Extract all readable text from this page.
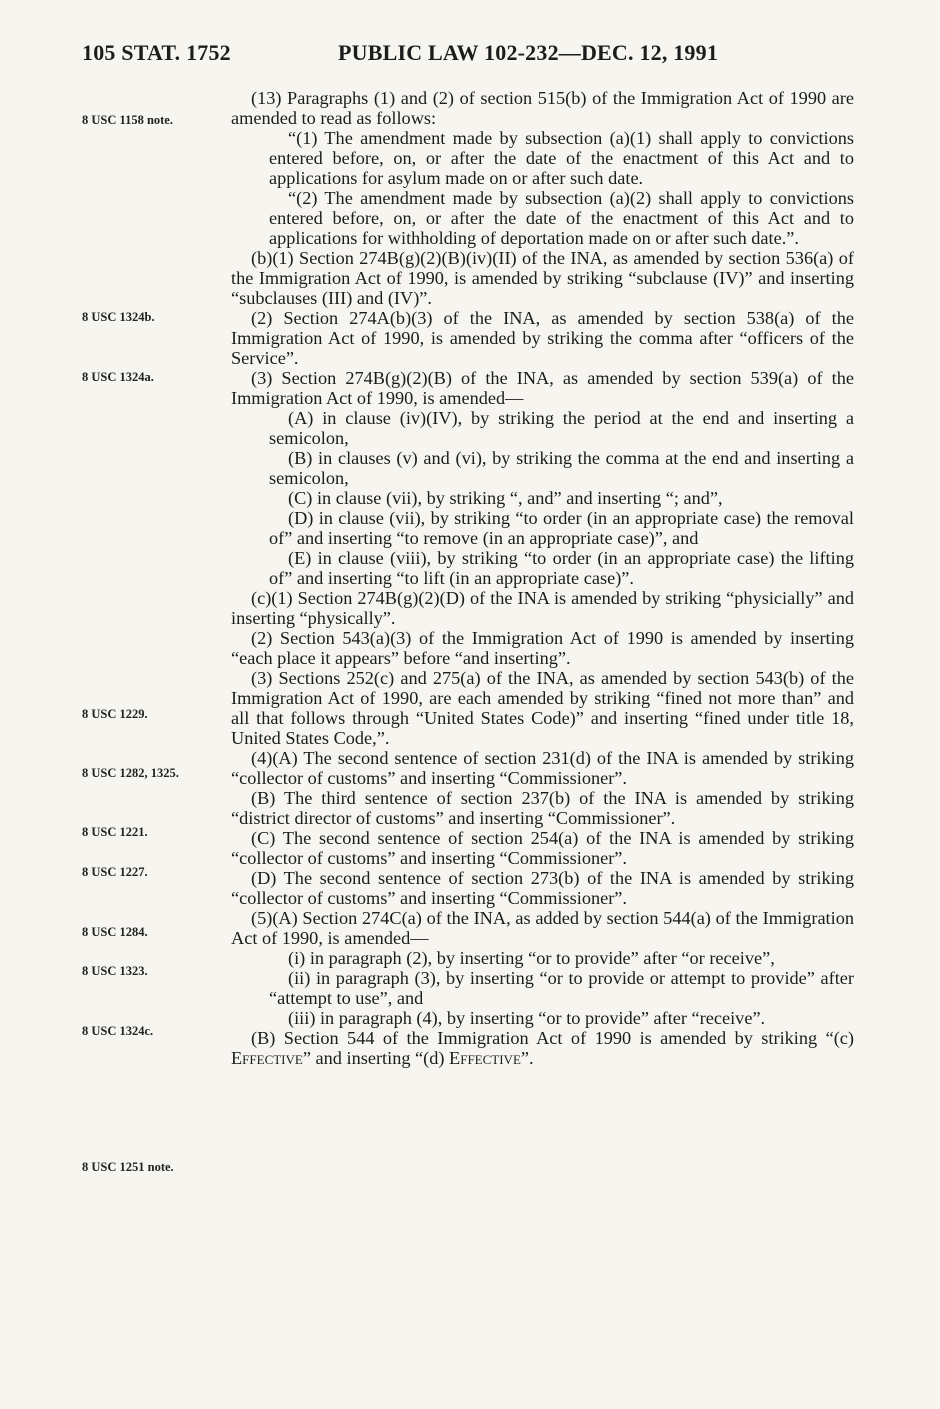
105 STAT. 1752	PUBLIC LAW 102-232—DEC. 12, 1991
8 USC 1158 note.
8 USC 1324b.
8 USC 1324a.
8 USC 1229.
8 USC 1282, 1325.
8 USC 1221.
8 USC 1227.
8 USC 1284.
8 USC 1323.
8 USC 1324c.
8 USC 1251 note.

(13) Paragraphs (1) and (2) of section 515(b) of the Immigration Act of 1990 are amended to read as follows:

“(1) The amendment made by subsection (a)(1) shall apply to convictions entered before, on, or after the date of the enactment of this Act and to applications for asylum made on or after such date.

“(2) The amendment made by subsection (a)(2) shall apply to convictions entered before, on, or after the date of the enactment of this Act and to applications for withholding of deportation made on or after such date.”.

(b)(1) Section 274B(g)(2)(B)(iv)(II) of the INA, as amended by section 536(a) of the Immigration Act of 1990, is amended by striking “subclause (IV)” and inserting “subclauses (III) and (IV)”.

(2) Section 274A(b)(3) of the INA, as amended by section 538(a) of the Immigration Act of 1990, is amended by striking the comma after “officers of the Service”.

(3) Section 274B(g)(2)(B) of the INA, as amended by section 539(a) of the Immigration Act of 1990, is amended—

(A) in clause (iv)(IV), by striking the period at the end and inserting a semicolon,

(B) in clauses (v) and (vi), by striking the comma at the end and inserting a semicolon,

(C) in clause (vii), by striking “, and” and inserting “; and”,

(D) in clause (vii), by striking “to order (in an appropriate case) the removal of” and inserting “to remove (in an appropriate case)”, and

(E) in clause (viii), by striking “to order (in an appropriate case) the lifting of” and inserting “to lift (in an appropriate case)”.

(c)(1) Section 274B(g)(2)(D) of the INA is amended by striking “physicially” and inserting “physically”.

(2) Section 543(a)(3) of the Immigration Act of 1990 is amended by inserting “each place it appears” before “and inserting”.

(3) Sections 252(c) and 275(a) of the INA, as amended by section 543(b) of the Immigration Act of 1990, are each amended by striking “fined not more than” and all that follows through “United States Code)” and inserting “fined under title 18, United States Code,”.

(4)(A) The second sentence of section 231(d) of the INA is amended by striking “collector of customs” and inserting “Commissioner”.

(B) The third sentence of section 237(b) of the INA is amended by striking “district director of customs” and inserting “Commissioner”.

(C) The second sentence of section 254(a) of the INA is amended by striking “collector of customs” and inserting “Commissioner”.

(D) The second sentence of section 273(b) of the INA is amended by striking “collector of customs” and inserting “Commissioner”.

(5)(A) Section 274C(a) of the INA, as added by section 544(a) of the Immigration Act of 1990, is amended—

(i) in paragraph (2), by inserting “or to provide” after “or receive”,

(ii) in paragraph (3), by inserting “or to provide or attempt to provide” after “attempt to use”, and

(iii) in paragraph (4), by inserting “or to provide” after “receive”.

(B) Section 544 of the Immigration Act of 1990 is amended by striking “(c) Effective” and inserting “(d) Effective”.
